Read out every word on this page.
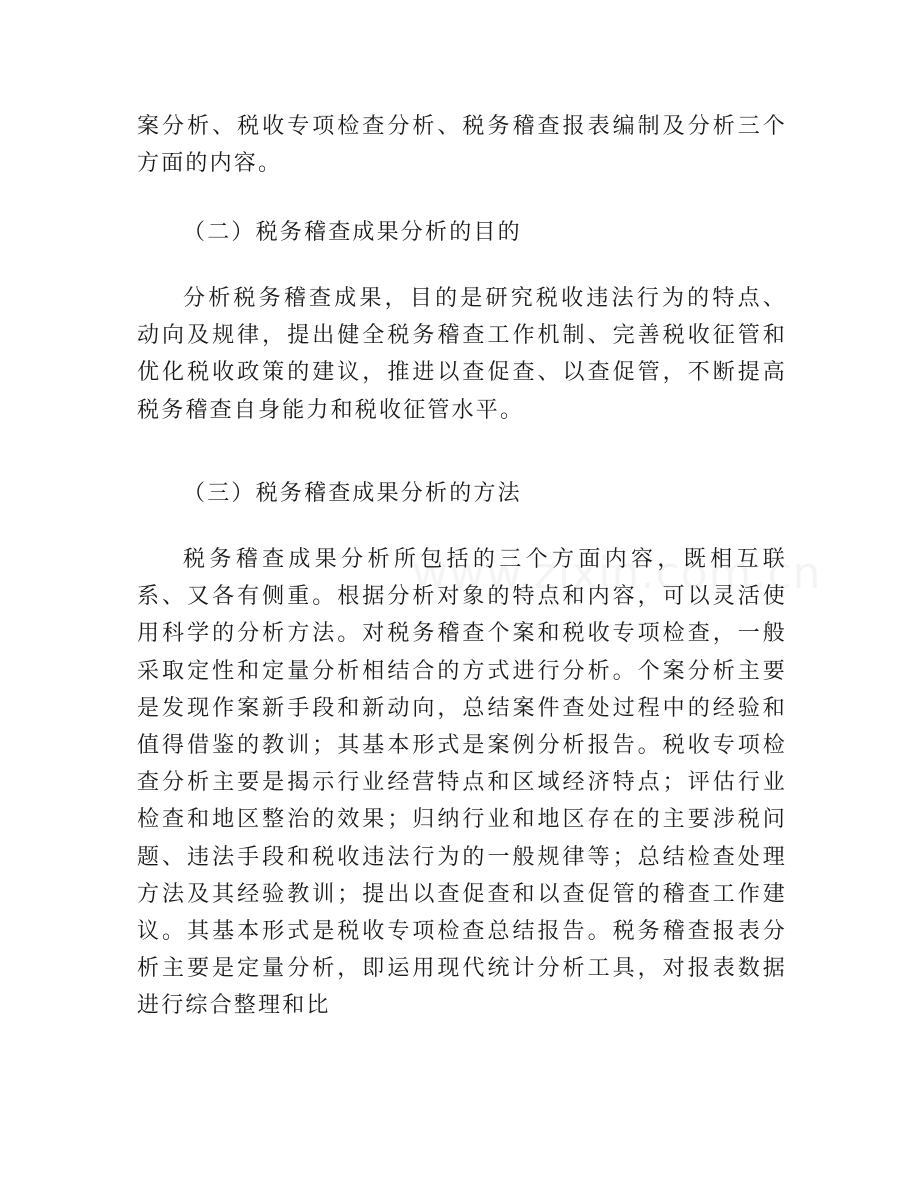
案分析、税收专项检查分析、税务稽查报表编制及分析三个方面的内容。

（二）税务稽查成果分析的目的

分析税务稽查成果，目的是研究税收违法行为的特点、动向及规律，提出健全税务稽查工作机制、完善税收征管和优化税收政策的建议，推进以查促查、以查促管，不断提高税务稽查自身能力和税收征管水平。

（三）税务稽查成果分析的方法

税务稽查成果分析所包括的三个方面内容，既相互联系、又各有侧重。根据分析对象的特点和内容，可以灵活使用科学的分析方法。对税务稽查个案和税收专项检查，一般采取定性和定量分析相结合的方式进行分析。个案分析主要是发现作案新手段和新动向，总结案件查处过程中的经验和值得借鉴的教训；其基本形式是案例分析报告。税收专项检查分析主要是揭示行业经营特点和区域经济特点；评估行业检查和地区整治的效果；归纳行业和地区存在的主要涉税问题、违法手段和税收违法行为的一般规律等；总结检查处理方法及其经验教训；提出以查促查和以查促管的稽查工作建议。其基本形式是税收专项检查总结报告。税务稽查报表分析主要是定量分析，即运用现代统计分析工具，对报表数据进行综合整理和比
